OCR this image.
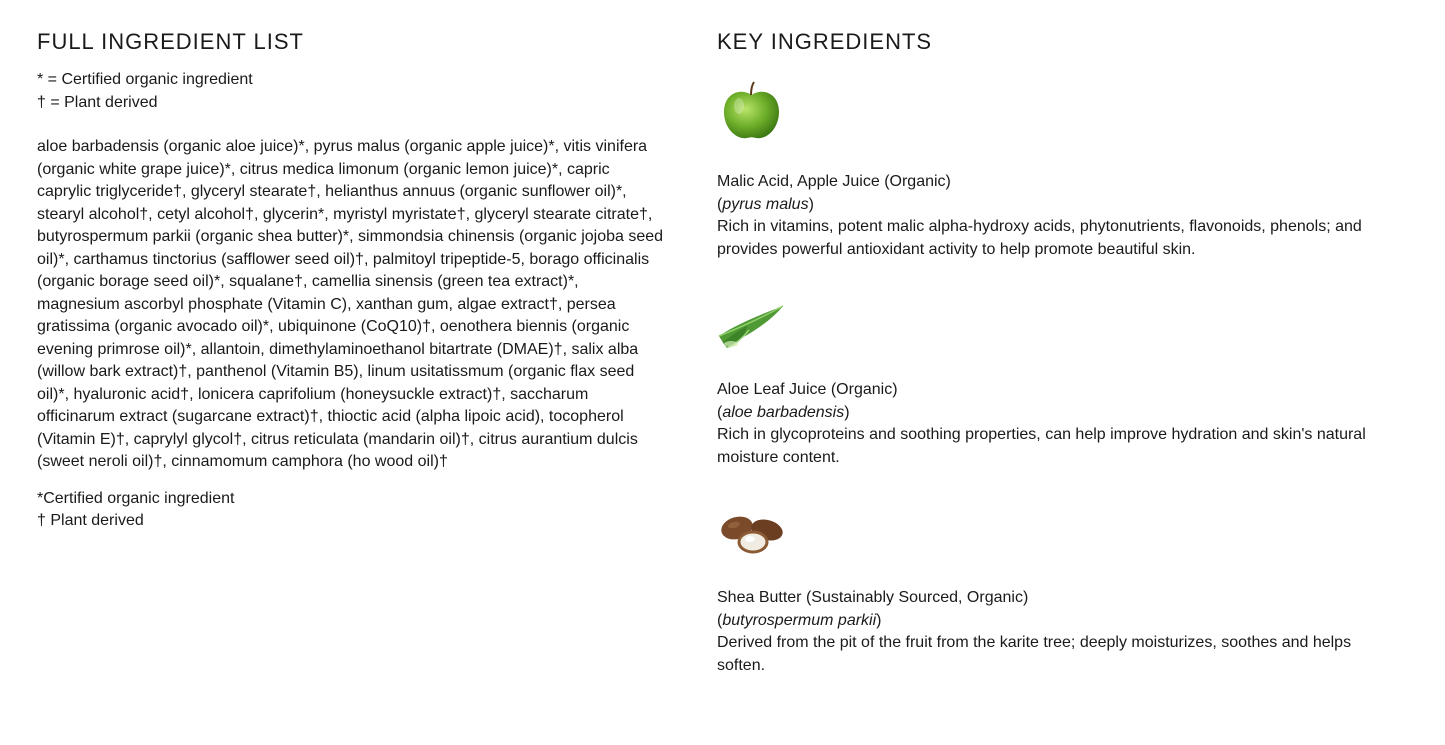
FULL INGREDIENT LIST
* = Certified organic ingredient
† = Plant derived
aloe barbadensis (organic aloe juice)*, pyrus malus (organic apple juice)*, vitis vinifera (organic white grape juice)*, citrus medica limonum (organic lemon juice)*, capric caprylic triglyceride†, glyceryl stearate†, helianthus annuus (organic sunflower oil)*, stearyl alcohol†, cetyl alcohol†, glycerin*, myristyl myristate†, glyceryl stearate citrate†, butyrospermum parkii (organic shea butter)*, simmondsia chinensis (organic jojoba seed oil)*, carthamus tinctorius (safflower seed oil)†, palmitoyl tripeptide-5, borago officinalis (organic borage seed oil)*, squalane†, camellia sinensis (green tea extract)*, magnesium ascorbyl phosphate (Vitamin C), xanthan gum, algae extract†, persea gratissima (organic avocado oil)*, ubiquinone (CoQ10)†, oenothera biennis (organic evening primrose oil)*, allantoin, dimethylaminoethanol bitartrate (DMAE)†, salix alba (willow bark extract)†, panthenol (Vitamin B5), linum usitatissmum (organic flax seed oil)*, hyaluronic acid†, lonicera caprifolium (honeysuckle extract)†, saccharum officinarum extract (sugarcane extract)†, thioctic acid (alpha lipoic acid), tocopherol (Vitamin E)†, caprylyl glycol†, citrus reticulata (mandarin oil)†, citrus aurantium dulcis (sweet neroli oil)†, cinnamomum camphora (ho wood oil)†
*Certified organic ingredient
† Plant derived
KEY INGREDIENTS
Malic Acid, Apple Juice (Organic)
(pyrus malus)
Rich in vitamins, potent malic alpha-hydroxy acids, phytonutrients, flavonoids, phenols; and provides powerful antioxidant activity to help promote beautiful skin.
Aloe Leaf Juice (Organic)
(aloe barbadensis)
Rich in glycoproteins and soothing properties, can help improve hydration and skin's natural moisture content.
Shea Butter (Sustainably Sourced, Organic)
(butyrospermum parkii)
Derived from the pit of the fruit from the karite tree; deeply moisturizes, soothes and helps soften.
